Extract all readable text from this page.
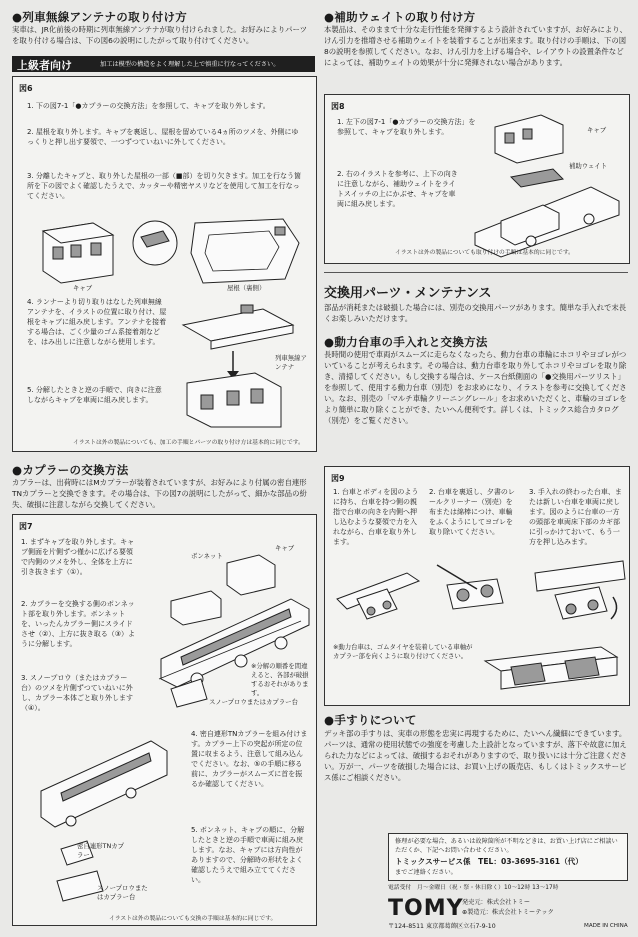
●列車無線アンテナの取り付け方
実車は、JR化前後の時期に列車無線アンテナが取り付けられました。お好みによりパーツを取り付ける場合は、下の図6の説明にしたがって取り付けてください。
上級者向け	加工は模型の構造をよく理解した上で慎重に行なってください。
図6
1. 下の図7-1「●カプラーの交換方法」を参照して、キャブを取り外します。
2. 屋根を取り外します。キャブを裏返し、屋根を留めている4ヵ所のツメを、外側にゆっくりと押し出す要領で、一つずつていねいに外してください。
3. 分離したキャブと、取り外した屋根の一部（■部）を切り欠きます。加工を行なう箇所を下の図でよく確認したうえで、カッターや精密ヤスリなどを使用して加工を行なってください。
キャブ	屋根（裏側）
4. ランナーより切り取りはなした列車無線アンテナを、イラストの位置に取り付け、屋根をキャブに組み戻します。アンテナを接着する場合は、ごく少量のゴム系接着剤などを、はみ出しに注意しながら使用します。
5. 分解したときと逆の手順で、向きに注意しながらキャブを車両に組み戻します。
列車無線アンテナ
イラストは外の製品についても、加工の手順とパーツの取り付け方は基本的に同じです。
●カプラーの交換方法
カプラーは、出荷時にはMカプラーが装着されていますが、お好みにより付属の密自連形TNカプラーと交換できます。その場合は、下の図7の説明にしたがって、細かな部品の紛失、破損に注意しながら交換してください。
図7
1. まずキャブを取り外します。キャブ側面を片側ずつ僅かに広げる要領で内側のツメを外し、全体を上方に引き抜きます（①）。
2. カプラーを交換する側のボンネット部を取り外します。ボンネットを、いったんカプラー側にスライドさせ（②）、上方に抜き取る（③）ように分解します。
3. スノープロウ（またはカプラー台）のツメを片側ずつていねいに外し、カプラー本体ごと取り外します（④）。
キャブ
ボンネット
※分解の順番を間違えると、各部が破損するおそれがあります。
スノープロウまたはカプラー台
密自連形TNカプラー
スノープロウまたはカプラー台
4. 密自連形TNカプラーを組み付けます。カプラー上下の突起が所定の位置に収まるよう、注意して組み込んでください。なお、⑤の手順に移る前に、カプラーがスムーズに首を振るか確認してください。
5. ボンネット、キャブの順に、分解したときと逆の手順で車両に組み戻します。なお、キャブには方向性がありますので、分解時の形状をよく確認したうえで組み立ててください。
イラストは外の製品についても交換の手順は基本的に同じです。
●補助ウェイトの取り付け方
本製品は、そのままで十分な走行性能を発揮するよう設計されていますが、お好みにより、けん引力を推増させる補助ウェイトを装着することが出来ます。取り付けの手順は、下の図8の説明を参照してください。なお、けん引力を上げる場合や、レイアウトの設置条件などによっては、補助ウェイトの効果が十分に発揮されない場合があります。
図8
1. 左下の図7-1「●カプラーの交換方法」を参照して、キャブを取り外します。
2. 右のイラストを参考に、上下の向きに注意しながら、補助ウェイトをライトスイッチの上にかぶせ、キャブを車両に組み戻します。
キャブ
補助ウェイト
イラストは外の製品についても取り付けの手順は基本的に同じです。
交換用パーツ・メンテナンス
部品が消耗または破損した場合には、別売の交換用パーツがあります。簡単な手入れで末長くお楽しみいただけます。
●動力台車の手入れと交換方法
長時間の使用で車両がスムーズに走らなくなったら、動力台車の車輪にホコリやヨゴレがついていることが考えられます。その場合は、動力台車を取り外してホコリやヨゴレを取り除き、清掃してください。もし交換する場合は、ケース台紙側面の「●交換用パーツリスト」を参照して、使用する動力台車（別売）をお求めになり、イラストを参考に交換してください。なお、別売の「マルチ車輪クリーニングレール」をお求めいただくと、車輪のヨゴレをより簡単に取り除くことができ、たいへん便利です。詳しくは、トミックス総合カタログ（別売）をご覧ください。
図9
1. 台車とボディを図のように持ち、台車を持つ側の親指で台車の向きを内側へ押し込むような要領で力を入れながら、台車を取り外します。
2. 台車を裏返し、夕書のレールクリーナー（別売）を布または綿棒につけ、車輪をふくようにしてヨゴレを取り除いてください。
3. 手入れの終わった台車、または新しい台車を車両に戻します。図のように台車の一方の頭部を車両床下部のカギ部に引っかけておいて、もう一方を押し込みます。
※動力台車は、ゴムタイヤを装着している車軸がカプラー部を向くように取り付けてください。
●手すりについて
デッキ部の手すりは、実車の形態を忠実に再現するために、たいへん繊細にできています。パーツは、通常の使用状態での強度を考慮した上設計となっていますが、落下や故意に加えられた力などによっては、破損するおそれがありますので、取り扱いには十分ご注意ください。万が一、パーツを破損した場合には、お買い上げの販売店、もしくはトミックスサービス係にご相談ください。
修理が必要な場合、あるいは故障箇所が不明などきは、お買い上げ店にご相談いただくか、下記へお問い合わせください。
トミックスサービス係　TEL：03-3695-3161（代）
までご連絡ください。
電話受付　月～金曜日（祝・祭・休日除く）10～12時 13～17時
TOMY
発売元：株式会社トミー
⊕製造元：株式会社トミーテック
〒124-8511 東京都葛飾区立石7-9-10	MADE IN CHINA
